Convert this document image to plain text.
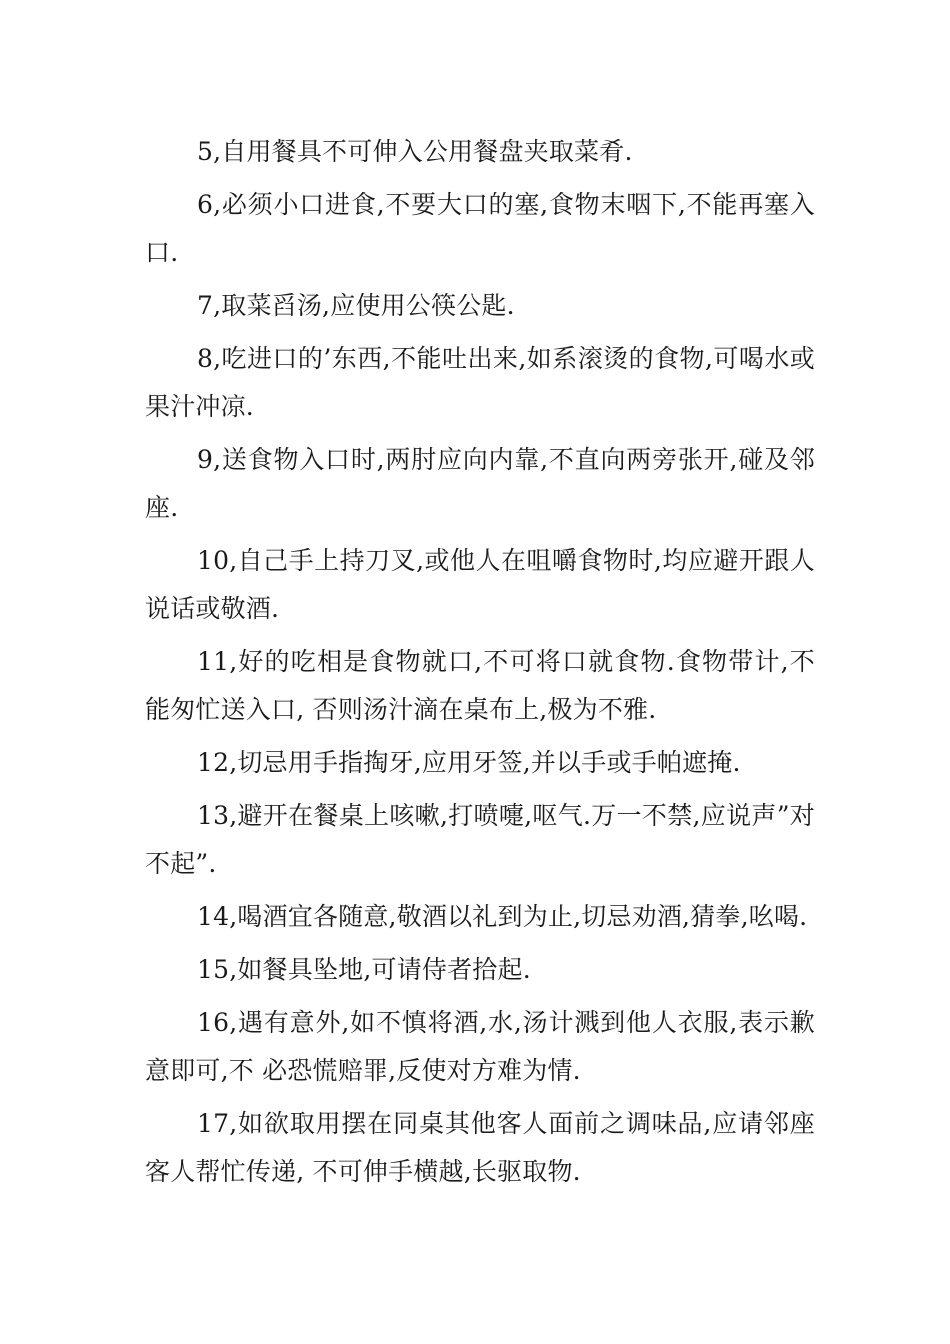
5,自用餐具不可伸入公用餐盘夹取菜肴.

6,必须小口进食,不要大口的塞,食物末咽下,不能再塞入口.

7,取菜舀汤,应使用公筷公匙.

8,吃进口的’东西,不能吐出来,如系滚烫的食物,可喝水或果汁冲凉.

9,送食物入口时,两肘应向内靠,不直向两旁张开,碰及邻座.

10,自己手上持刀叉,或他人在咀嚼食物时,均应避开跟人说话或敬酒.

11,好的吃相是食物就口,不可将口就食物.食物带计,不能匆忙送入口, 否则汤汁滴在桌布上,极为不雅.

12,切忌用手指掏牙,应用牙签,并以手或手帕遮掩.

13,避开在餐桌上咳嗽,打喷嚏,呕气.万一不禁,应说声”对不起”.

14,喝酒宜各随意,敬酒以礼到为止,切忌劝酒,猜拳,吆喝.

15,如餐具坠地,可请侍者拾起.

16,遇有意外,如不慎将酒,水,汤计溅到他人衣服,表示歉意即可,不 必恐慌赔罪,反使对方难为情.

17,如欲取用摆在同桌其他客人面前之调味品,应请邻座客人帮忙传递, 不可伸手横越,长驱取物.
